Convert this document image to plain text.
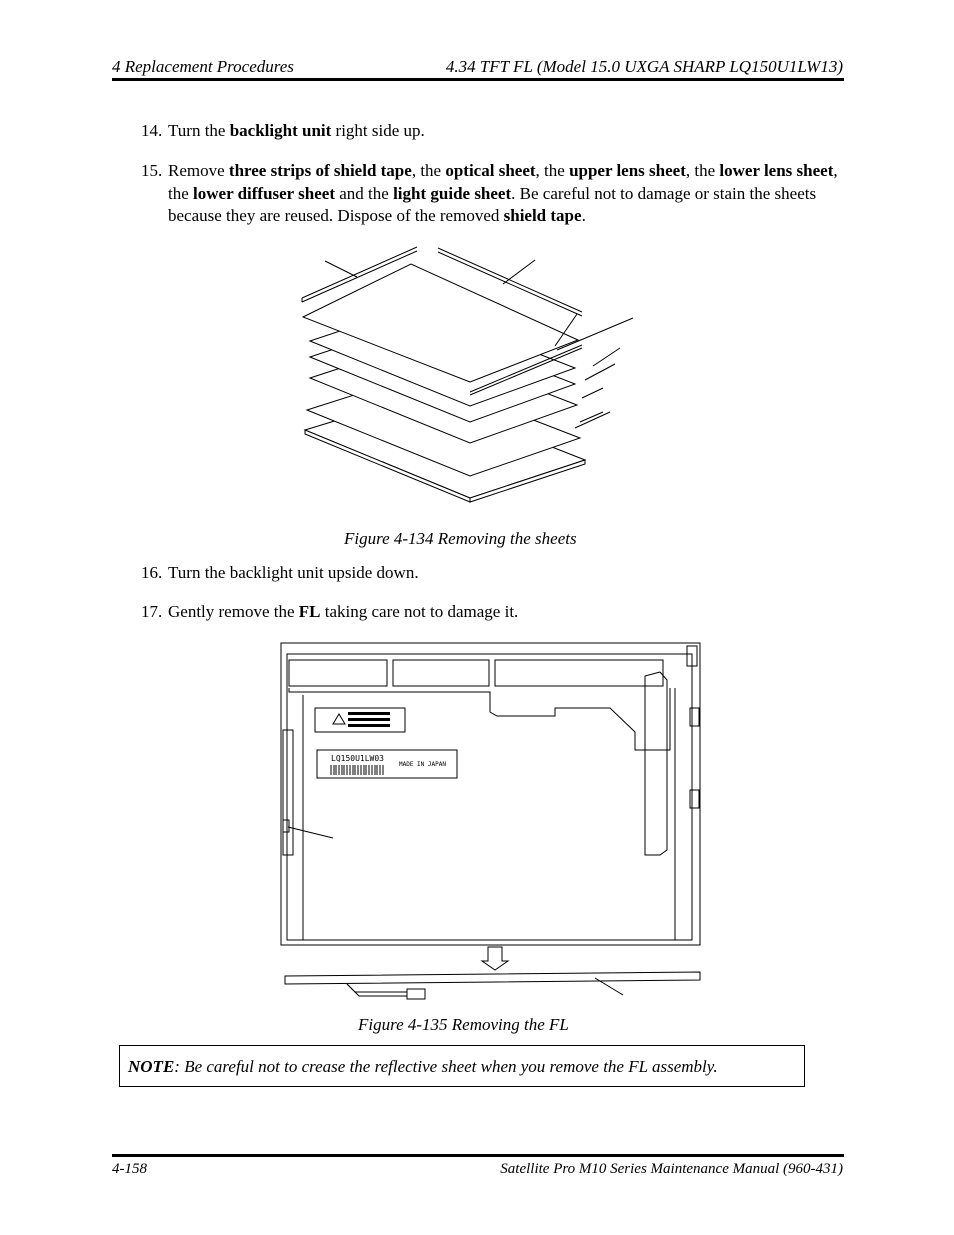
4 Replacement Procedures	4.34 TFT FL (Model 15.0 UXGA SHARP LQ150U1LW13)
14. Turn the backlight unit right side up.
15. Remove three strips of shield tape, the optical sheet, the upper lens sheet, the lower lens sheet, the lower diffuser sheet and the light guide sheet. Be careful not to damage or stain the sheets because they are reused. Dispose of the removed shield tape.
Figure 4-134 Removing the sheets
16. Turn the backlight unit upside down.
17. Gently remove the FL taking care not to damage it.
LQ150U1LW03
MADE IN JAPAN
Figure 4-135 Removing the FL
NOTE: Be careful not to crease the reflective sheet when you remove the FL assembly.
4-158	Satellite Pro M10 Series Maintenance Manual (960-431)
